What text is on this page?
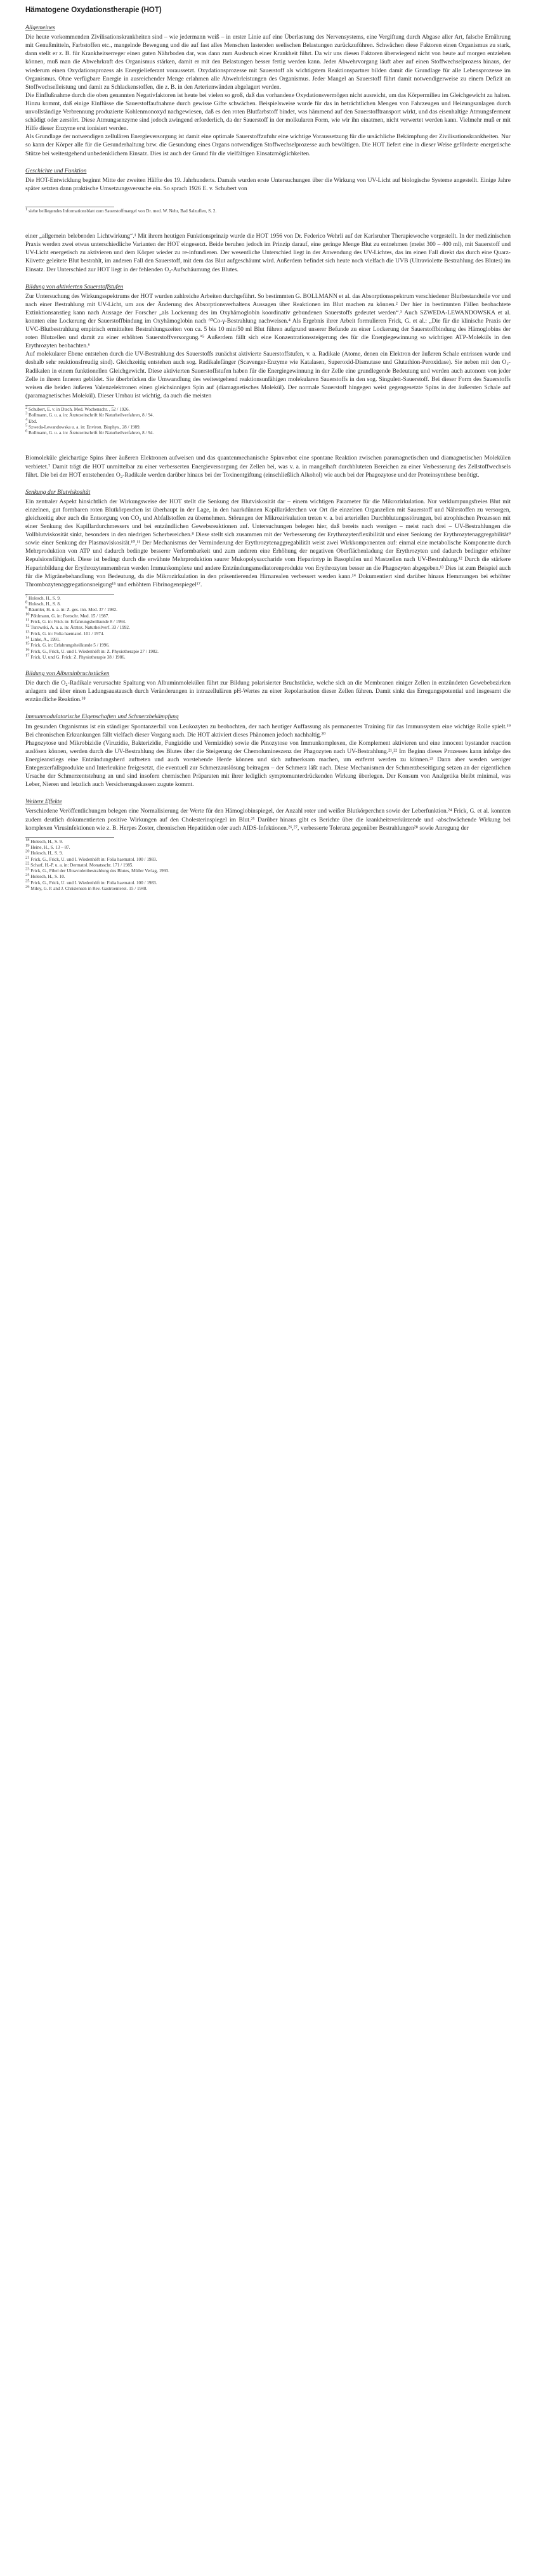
Hämatogene Oxydationstherapie (HOT)
Allgemeines

Die heute vorkommenden Zivilisationskrankheiten sind – wie jedermann weiß – in erster Linie auf eine Überlastung des Nervensystems, eine Vergiftung durch Abgase aller Art, falsche Ernährung mit Genußmitteln, Farbstoffen etc., mangelnde Bewegung und die auf fast alles Menschen lastenden seelischen Belastungen zurückzuführen. Schwächen diese Faktoren einen Organismus zu stark, dann stellt er z. B. für Krankheitserreger einen guten Nährboden dar, was dann zum Ausbruch einer Krankheit führt. Da wir uns diesen Faktoren überwiegend nicht von heute auf morgen entziehen können, muß man die Abwehrkraft des Organismus stärken, damit er mit den Belastungen besser fertig werden kann. Jeder Abwehrvorgang läuft aber auf einen Stoffwechselprozess hinaus, der wiederum einen Oxydationsprozess als Energielieferant voraussetzt. Oxydationsprozesse mit Sauerstoff als wichtigstem Reaktionspartner bilden damit die Grundlage für alle Lebensprozesse im Organismus. Ohne verfügbare Energie in ausreichender Menge erlahmen alle Abwehrleistungen des Organismus. Jeder Mangel an Sauerstoff führt damit notwendigerweise zu einem Defizit an Stoffwechselleistung und damit zu Schlackenstoffen, die z. B. in den Arterienwänden abgelagert werden.

Die Einflußnahme durch die oben genannten Negativfaktoren ist heute bei vielen so groß, daß das vorhandene Oxydationsvermögen nicht ausreicht, um das Körpermilieu im Gleichgewicht zu halten. Hinzu kommt, daß einige Einflüsse die Sauerstoffaufnahme durch gewisse Gifte schwächen. Beispielsweise wurde für das in beträchtlichen Mengen von Fahrzeugen und Heizungsanlagen durch unvollständige Verbrennung produzierte Kohlenmonoxyd nachgewiesen, daß es den roten Blutfarbstoff bindet, was hämmend auf den Sauerstofftransport wirkt, und das eisenhaltige Atmungsferment schädigt oder zerstört. Diese Atmungsenzyme sind jedoch zwingend erforderlich, da der Sauerstoff in der molkularen Form, wie wir ihn einatmen, nicht verwertet werden kann. Vielmehr muß er mit Hilfe dieser Enzyme erst ionisiert werden.

Als Grundlage der notwendigen zellulären Energieversorgung ist damit eine optimale Sauerstoffzufuhr eine wichtige Voraussetzung für die ursächliche Bekämpfung der Zivilisationskrankheiten. Nur so kann der Körper alle für die Gesunderhaltung bzw. die Gesundung eines Organs notwendigen Stoffwechselprozesse auch bewältigen. Die HOT liefert eine in dieser Weise geförderte energetische Stütze bei weitestgehend unbedenklichem Einsatz. Dies ist auch der Grund für die vielfältigen Einsatzmöglichkeiten.

Geschichte und Funktion

Die HOT-Entwicklung beginnt Mitte der zweiten Hälfte des 19. Jahrhunderts. Damals wurden erste Untersuchungen über die Wirkung von UV-Licht auf biologische Systeme angestellt. Einige Jahre später setzten dann praktische Umsetzungsversuche ein. So sprach 1926 E. v. Schubert von

$^1$ siehe beiliegendes Informationsblatt zum Sauerstoffmangel von Dr. med. W. Nehr, Bad Salzuflen, S. 2.

einer „allgemein belebenden Lichtwirkung“.¹ Mit ihrem heutigen Funktionsprinzip wurde die HOT 1956 von Dr. Federico Wehrli auf der Karlsruher Therapiewoche vorgestellt. In der medizinischen Praxis werden zwei etwas unterschiedliche Varianten der HOT eingesetzt. Beide beruhen jedoch im Prinzip darauf, eine geringe Menge Blut zu entnehmen (meist 300 – 400 ml), mit Sauerstoff und UV-Licht energetisch zu aktivieren und dem Körper wieder zu re-infundieren. Der wesentliche Unterschied liegt in der Anwendung des UV-Lichtes, das im einen Fall direkt das durch eine Quarz-Küvette geleitete Blut bestrahlt, im anderen Fall den Sauerstoff, mit dem das Blut aufgeschäumt wird. Außerdem befindet sich heute noch vielfach die UVB (Ultraviolette Bestrahlung des Blutes) im Einsatz. Der Unterschied zur HOT liegt in der fehlenden O₂-Aufschäumung des Blutes.

Bildung von aktivierten Sauerstoffstufen

Zur Untersuchung des Wirkungsspektrums der HOT wurden zahlreiche Arbeiten durchgeführt. So bestimmten G. BOLLMANN et al. das Absorptionsspektrum verschiedener Blutbestandteile vor und nach einer Bestrahlung mit UV-Licht, um aus der Änderung des Absorptionsverhaltens Aussagen über Reaktionen im Blut machen zu können.² Der hier in bestimmten Fällen beobachtete Extinktionsanstieg kann nach Aussage der Forscher „als Lockerung des im Oxyhämoglobin koordinativ gebundenen Sauerstoffs gedeutet werden“.³ Auch SZWEDA-LEWANDOWSKA et al. konnten eine Lockerung der Sauerstoffbindung im Oxyhämoglobin nach ⁶⁰Co-γ-Bestrahlung nachweisen.⁴ Als Ergebnis ihrer Arbeit formulieren Frick, G. et al.: „Die für die klinische Praxis der UVC-Blutbestrahlung empirisch ermittelten Bestrahlungszeiten von ca. 5 bis 10 min/50 ml Blut führen aufgrund unserer Befunde zu einer Lockerung der Sauerstoffbindung des Hämoglobins der roten Blutzellen und damit zu einer erhöhten Sauerstoffversorgung.“⁵ Außerdem fällt sich eine Konzentrationssteigerung des für die Energiegewinnung so wichtigen ATP-Moleküls in den Erythrozyten beobachten.⁶

Auf molekularer Ebene entstehen durch die UV-Bestrahlung des Sauerstoffs zunächst aktivierte Sauerstoffstufen, v. a. Radikale (Atome, denen ein Elektron der äußeren Schale entrissen wurde und deshalb sehr reaktionsfreudig sind). Gleichzeitig entstehen auch sog. Radikalefänger (Scavenger-Enzyme wie Katalasen, Superoxid-Dismutase und Glutathion-Peroxidase). Sie neben mit den O₂-Radikalen in einem funktionellen Gleichgewicht. Diese aktivierten Sauerstoffstufen haben für die Energiegewinnung in der Zelle eine grundlegende Bedeutung und werden auch autonom von jeder Zelle in ihrem Inneren gebildet. Sie überbrücken die Umwandlung des weitestgehend reaktionsunfähigen molekularen Sauerstoffs in den sog. Singulett-Sauerstoff. Bei dieser Form des Sauerstoffs weisen die beiden äußeren Valenzelektronen einen gleichsinnigen Spin auf (diamagnetisches Molekül). Der normale Sauerstoff hingegen weist gegengesetzte Spins in der äußersten Schale auf (paramagnetisches Molekül). Dieser Umbau ist wichtig, da auch die meisten

$^2$ Schubert, E. v. in Dtsch. Med. Wochenschr. , 52 / 1926.
$^3$ Bollmann, G. u. a. in: Ärztezeitschrift für Naturheilverfahren, 8 / 94.
$^4$ Ebd.
$^5$ Szweda-Lewandowska u. a. in: Environ. Biophys., 28 / 1989.
$^6$ Bollmann, G. u. a. in: Ärztezeitschrift für Naturheilverfahren, 8 / 94.

Biomoleküle gleichartige Spins ihrer äußeren Elektronen aufweisen und das quantenmechanische Spinverbot eine spontane Reaktion zwischen paramagnetischen und diamagnetischen Molekülen verbietet.⁷ Damit trägt die HOT unmittelbar zu einer verbesserten Energieversorgung der Zellen bei, was v. a. in mangelhaft durchbluteten Bereichen zu einer Verbesserung des Zellstoffwechsels führt. Die bei der HOT entstehenden O₂-Radikale werden darüber hinaus bei der Toxinentgiftung (einschließlich Alkohol) wie auch bei der Phagozytose und der Proteinsynthese benötigt.

Senkung der Blutviskosität

Ein zentraler Aspekt hinsichtlich der Wirkungsweise der HOT stellt die Senkung der Blutviskosität dar – einem wichtigen Parameter für die Mikrozirkulation. Nur verklumpungsfreies Blut mit einzelnen, gut formbaren roten Blutkörperchen ist überhaupt in der Lage, in den haarkdünnen Kapillaräderchen vor Ort die einzelnen Organzellen mit Sauerstoff und Nährstoffen zu versorgen, gleichzeitig aber auch die Entsorgung von CO₂ und Abfallstoffen zu übernehmen. Störungen der Mikrozirkulation treten v. a. bei arteriellen Durchblutungsstörungen, bei atrophischen Prozessen mit einer Senkung des Kapillardurchmessers und bei entzündlichen Gewebsreaktionen auf. Untersuchungen belegen hier, daß bereits nach wenigen – meist nach drei – UV-Bestrahlungen die Vollblutviskosität sinkt, besonders in den niedrigen Scherbereichen.⁸ Diese stellt sich zusammen mit der Verbesserung der Erythrozytenflexibilität und einer Senkung der Erythrozytenaggregabilität⁹ sowie einer Senkung der Plasmaviskosität.¹⁰,¹¹ Der Mechanismus der Verminderung der Erythrozytenaggregabilität weist zwei Wirkkomponenten auf: einmal eine metabolische Komponente durch Mehrproduktion von ATP und dadurch bedingte besserer Verformbarkeit und zum anderen eine Erhöhung der negativen Oberflächenladung der Erythrozyten und dadurch bedingter erhöhter Repulsionsfähigkeit. Diese ist bedingt durch die erwähnte Mehrproduktion saurer Mukopolysaccharide vom Heparintyp in Basophilen und Mastzellen nach UV-Bestrahlung.¹² Durch die stärkere Heparinbildung der Erythrozytenmembran werden Immunkomplexe und andere Entzündungsmediatorenprodukte von Erythrozyten besser an die Phagozyten abgegeben.¹³ Dies ist zum Beispiel auch für die Migränebehandlung von Bedeutung, da die Mikrozirkulation in den präsentierenden Hirnarealen verbessert werden kann.¹⁴ Dokumentiert sind darüber hinaus Hemmungen bei erhöhter Thrombozytenaggregationsneigung¹⁵ und erhöhtem Fibrinogenspiegel¹⁷.

$^7$ Holesch, H., S. 9.
$^8$ Holesch, H., S. 8.
$^9$ Bäumler, H. u. a. in: Z. ges. inn. Med. 37 / 1982.
$^{10}$ Pöhlmann, G. in: Fortschr. Med. 15 / 1987.
$^{11}$ Frick, G. in: Frick in: Erfahrungsheilkunde 8 / 1994.
$^{12}$ Turowski, A. u. a. in: Ärztez. Naturheilverf. 33 / 1992.
$^{13}$ Frick, G. in: Folia haematol. 101 / 1974.
$^{14}$ Linke, A., 1991.
$^{15}$ Frick, G. in: Erfahrungsheilkunde 5 / 1996.
$^{16}$ Frick, G., Frick, U. und I. Wiedenhöft in: Z. Physiotherapie 27 / 1982.
$^{17}$ Frick, U. und G. Frick: Z. Physiotherapie 38 / 1986.
Bildung von Albuminbruchstücken

Die durch die O₂-Radikale verursachte Spaltung von Albuminmolekülen führt zur Bildung polarisierter Bruchstücke, welche sich an die Membranen einiger Zellen in entzündeten Gewebebezirken anlagern und über einen Ladungsaustausch durch Veränderungen in intrazellulären pH-Wertes zu einer Repolarisation dieser Zellen führen. Damit sinkt das Erregungspotential und insgesamt die entzündliche Reaktion.¹⁸

Immunmodulatorische Eigenschaften und Schmerzbekämpfung

Im gesunden Organismus ist ein ständiger Spontanzerfall von Leukozyten zu beobachten, der nach heutiger Auffassung als permanentes Training für das Immunsystem eine wichtige Rolle spielt.¹⁹ Bei chronischen Erkrankungen fällt vielfach dieser Vorgang nach. Die HOT aktiviert dieses Phänomen jedoch nachhaltig.²⁰

Phagozytose und Mikrobizidie (Viruzidie, Bakterizidie, Fungizidie und Vermizidie) sowie die Pinozytose von Immunkomplexen, die Komplement aktivieren und eine innocent bystander reaction auslösen können, werden durch die UV-Bestrahlung des Blutes über die Steigerung der Chemolumineszenz der Phagozyten nach UV-Bestrahlung.²¹,²² Im Beginn dieses Prozesses kann infolge des Energieanstiegs eine Entzündungsherd auftreten und auch vorstehende Herde können und sich aufmerksam machen, um entfernt werden zu können.²³ Dann aber werden weniger Entegerzerfallsprodukte und Interleukine freigesetzt, die eventuell zur Schmerzauslösung beitragen – der Schmerz läßt nach. Diese Mechanismen der Schmerzbeseitigung setzen an der eigentlichen Ursache der Schmerzentstehung an und sind insofern chemischen Präparaten mit ihrer lediglich symptomunterdrückenden Wirkung überlegen. Der Konsum von Analgetika bleibt minimal, was Leber, Nieren und letztlich auch Versicherungskassen zugute kommt.

Weitere Effekte

Verschiedene Veröffentlichungen belegen eine Normalisierung der Werte für den Hämoglobinspiegel, der Anzahl roter und weißer Blutkörperchen sowie der Leberfunktion.²⁴ Frick, G. et al. konnten zudem deutlich dokumentierten positive Wirkungen auf den Cholesterinspiegel im Blut.²⁵ Darüber hinaus gibt es Berichte über die krankheitsverkürzende und -abschwächende Wirkung bei komplexen Virusinfektionen wie z. B. Herpes Zoster, chronischen Hepatitiden oder auch AIDS-Infektionen.²⁶,²⁷, verbesserte Toleranz gegenüber Bestrahlungen²⁸ sowie Anregung der

$^{18}$ Holesch, H., S. 9.
$^{19}$ Heine, H., S. 13 – 87.
$^{20}$ Holesch, H., S. 9.
$^{21}$ Frick, G., Frick, U. und I. Wiedenhöft in: Folia haematol. 100 / 1983.
$^{22}$ Scharf, H.-P. u. a. in: Dermatol. Monatsschr. 171 / 1985.
$^{23}$ Frick, G., Fibel der Ultraviolettbestrahlung des Blutes, Müller Verlag, 1993.
$^{24}$ Holesch, H., S. 10.
$^{25}$ Frick, G., Frick, U. und I. Wiedenhöft in: Folia haematol. 100 / 1983.
$^{26}$ Miley, G. P. and J. Christensen in Rev. Gastroenterol. 15 / 1948.
